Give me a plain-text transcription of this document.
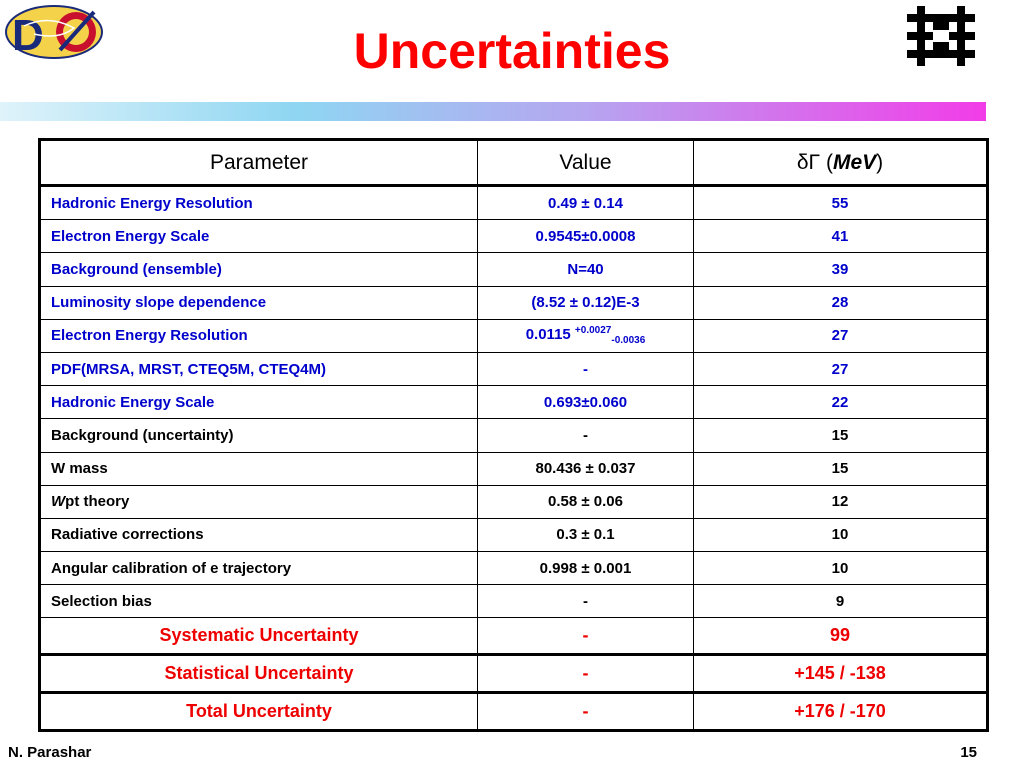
D	Uncertainties
Parameter	Value	δΓ (MeV)
Hadronic Energy Resolution	0.49 ± 0.14	55
Electron Energy Scale	0.9545±0.0008	41
Background (ensemble)	N=40	39
Luminosity slope dependence	(8.52 ± 0.12)E-3	28
Electron Energy Resolution	0.0115 $^{+0.0027}_{-0.0036}$	27
PDF(MRSA, MRST, CTEQ5M, CTEQ4M)	-	27
Hadronic Energy Scale	0.693±0.060	22
Background (uncertainty)	-	15
W mass	80.436 ± 0.037	15
Wpt theory	0.58 ± 0.06	12
Radiative corrections	0.3 ± 0.1	10
Angular calibration of e trajectory	0.998 ± 0.001	10
Selection bias	-	9
Systematic Uncertainty	-	99
Statistical Uncertainty	-	+145 / -138
Total Uncertainty	-	+176 / -170
N. Parashar	15
